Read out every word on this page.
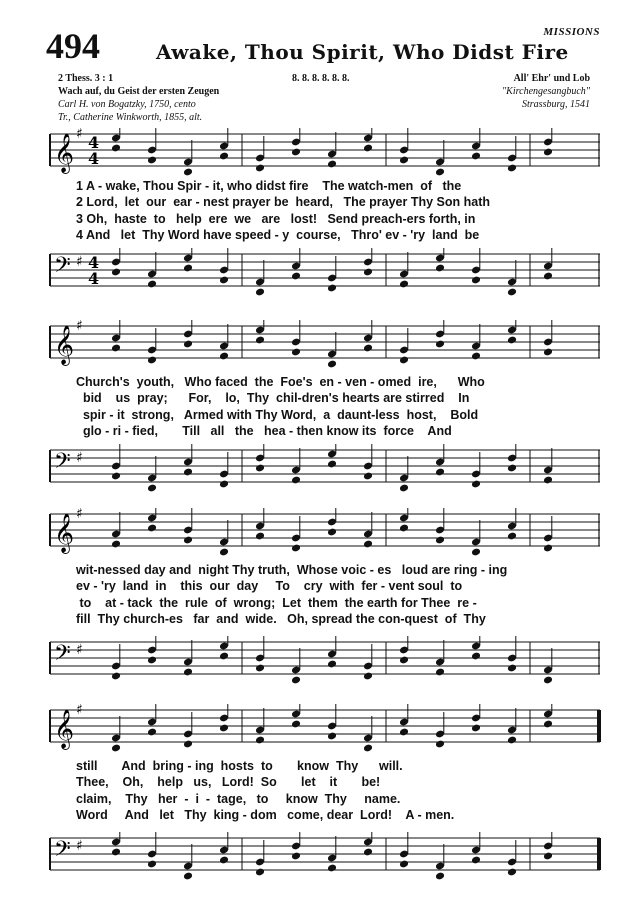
MISSIONS
494	Awake, Thou Spirit, Who Didst Fire
2 Thess. 3 : 1
Wach auf, du Geist der ersten Zeugen
Carl H. von Bogatzky, 1750, cento
Tr., Catherine Winkworth, 1855, alt.
8. 8. 8. 8. 8. 8.	All' Ehr' und Lob
"Kirchengesangbuch"
Strassburg, 1541
𝄞 ♯ 4
4
1 A - wake, Thou Spir - it, who didst fire    The watch-men  of   the
2 Lord,  let  our  ear - nest prayer be  heard,   The prayer Thy Son hath
3 Oh,  haste  to   help  ere  we   are   lost!   Send preach-ers forth, in
4 And   let  Thy Word have speed - y  course,   Thro' ev - 'ry  land  be
𝄢 ♯ 4
4
𝄞 ♯
Church's  youth,   Who faced  the  Foe's  en - ven - omed  ire,      Who
bid    us  pray;      For,    lo,  Thy  chil-dren's hearts are stirred    In
spir - it  strong,   Armed with Thy Word,  a  daunt-less  host,    Bold
glo - ri - fied,       Till   all   the   hea - then know its  force    And
𝄢 ♯
𝄞 ♯
wit-nessed day and  night Thy truth,  Whose voic - es   loud are ring - ing
ev - 'ry  land  in    this  our  day     To    cry  with  fer - vent soul  to
to    at - tack  the  rule  of  wrong;  Let  them  the earth for Thee  re -
fill  Thy church-es   far  and  wide.   Oh, spread the con-quest  of  Thy
𝄢 ♯
𝄞 ♯
still       And  bring - ing  hosts  to       know  Thy      will.
Thee,    Oh,    help   us,   Lord!  So       let    it       be!
claim,    Thy   her  -  i  -  tage,   to     know  Thy     name.
Word     And   let   Thy  king - dom   come, dear  Lord!    A - men.
𝄢 ♯
